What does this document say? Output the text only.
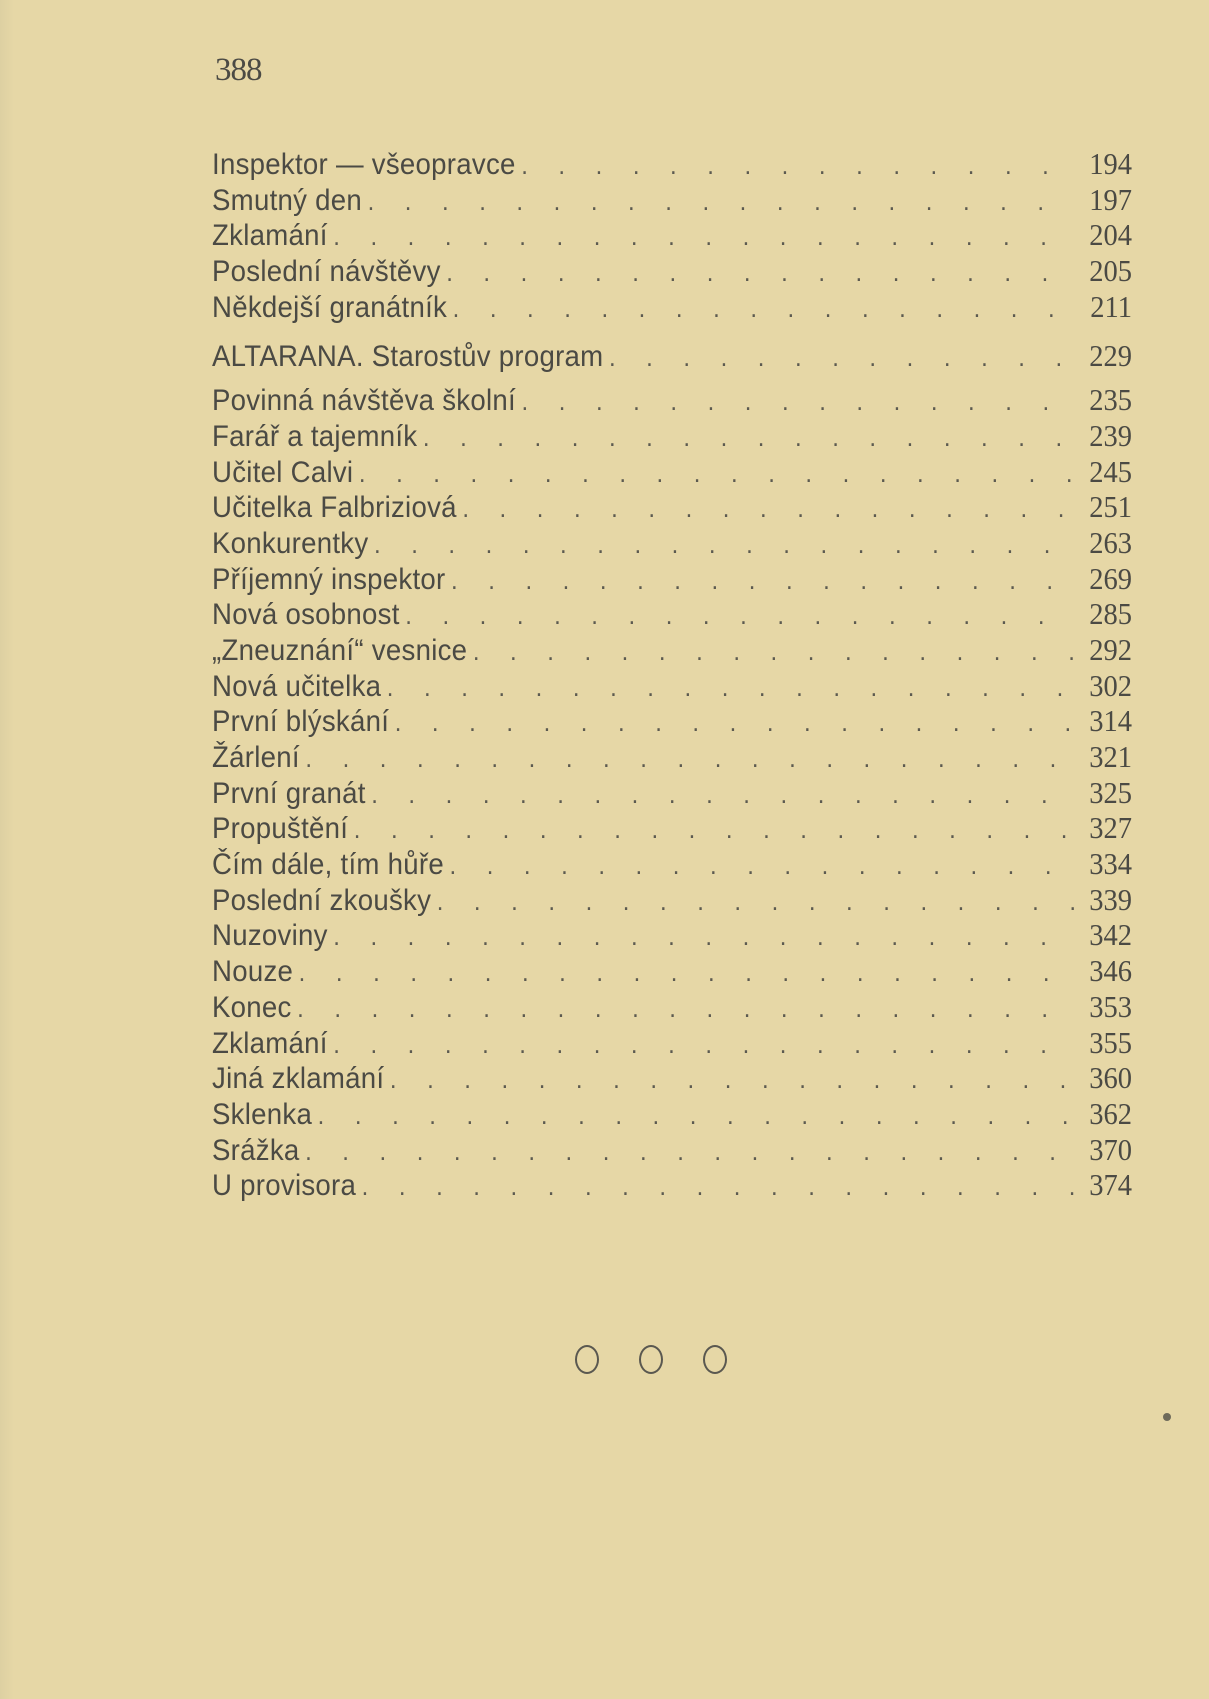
388
Inspektor — všeopravce . . .	194
Smutný den . . .	197
Zklamání . . .	204
Poslední návštěvy . . .	205
Někdejší granátník . . .	211
ALTARANA. Starostův program . . .	229
Povinná návštěva školní . . .	235
Farář a tajemník . . .	239
Učitel Calvi . . .	245
Učitelka Falbriziová . . .	251
Konkurentky . . .	263
Příjemný inspektor . . .	269
Nová osobnost . . .	285
„Zneuznání“ vesnice . . .	292
Nová učitelka . . .	302
První blýskání . . .	314
Žárlení . . .	321
První granát . . .	325
Propuštění . . .	327
Čím dále, tím hůře . . .	334
Poslední zkoušky . . .	339
Nuzoviny . . .	342
Nouze . . .	346
Konec . . .	353
Zklamání . . .	355
Jiná zklamání . . .	360
Sklenka . . .	362
Srážka . . .	370
U provisora . . .	374
